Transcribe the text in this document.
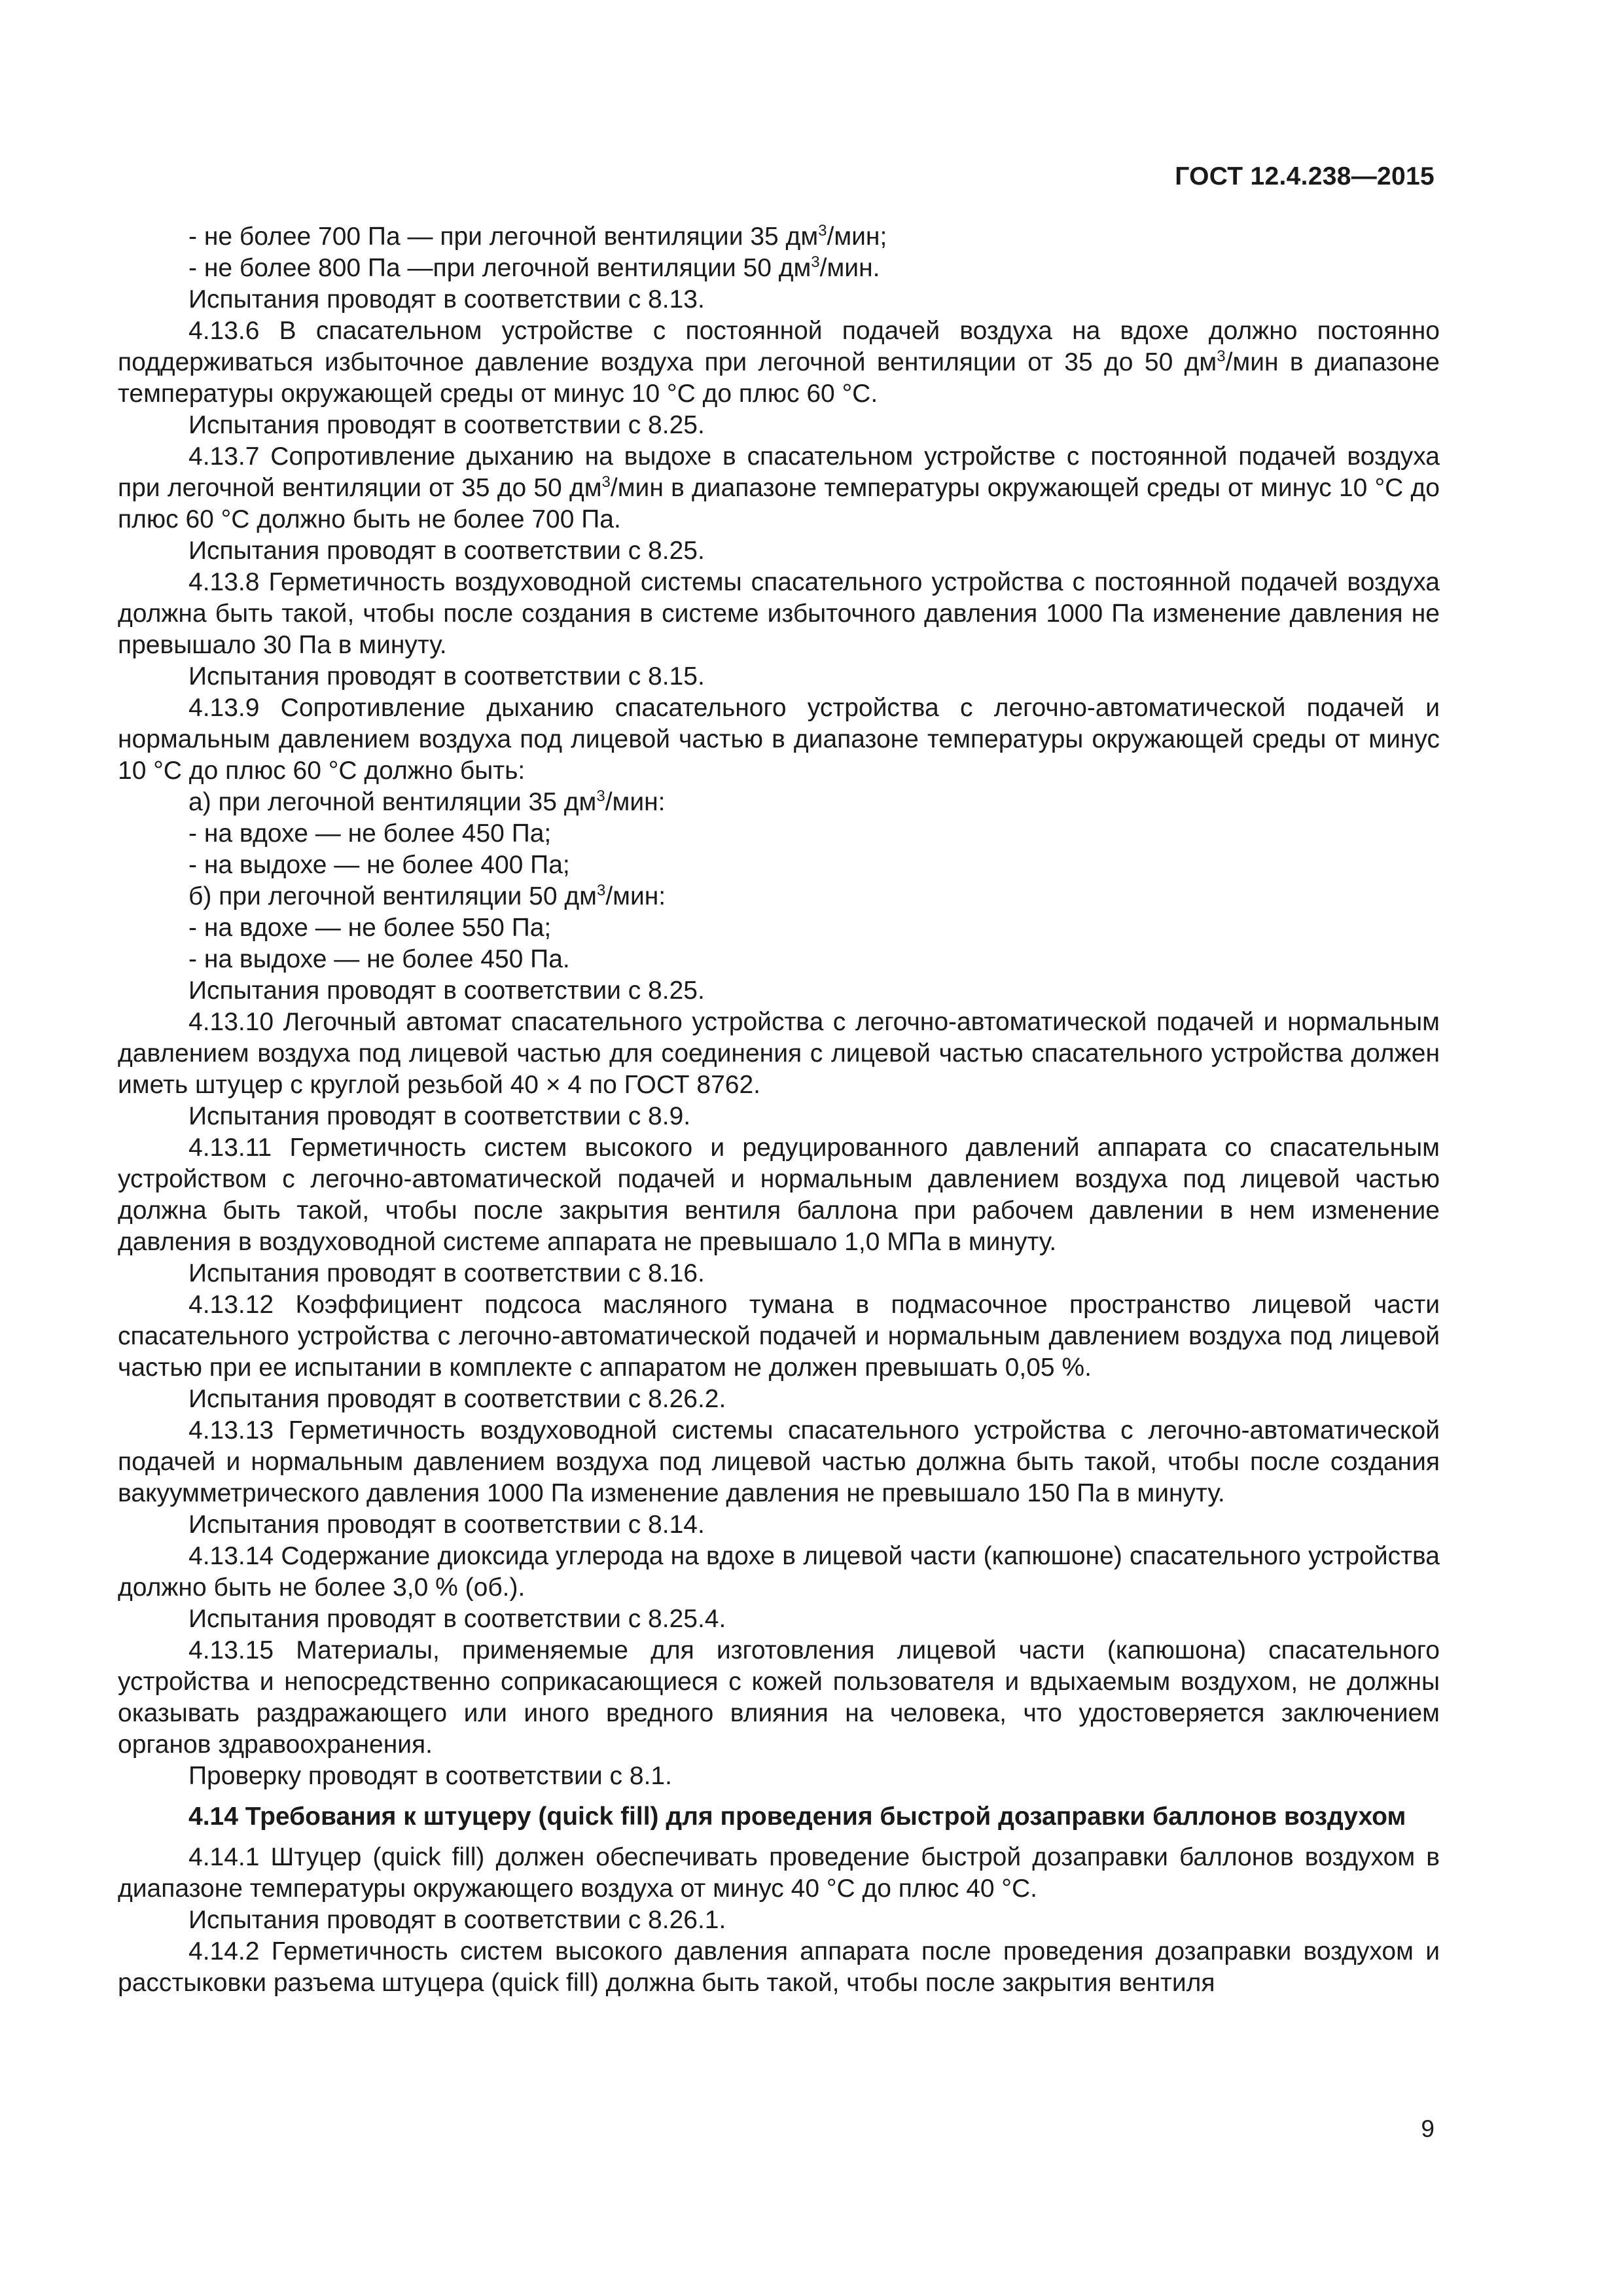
ГОСТ 12.4.238—2015

- не более 700 Па — при легочной вентиляции 35 $дм^3$/мин;

- не более 800 Па —при легочной вентиляции 50 $дм^3$/мин.

Испытания проводят в соответствии с 8.13.

4.13.6 В спасательном устройстве с постоянной подачей воздуха на вдохе должно постоянно поддерживаться избыточное давление воздуха при легочной вентиляции от 35 до 50 $дм^3$/мин в диапазоне температуры окружающей среды от минус 10 °С до плюс 60 °С.

Испытания проводят в соответствии с 8.25.

4.13.7 Сопротивление дыханию на выдохе в спасательном устройстве с постоянной подачей воздуха при легочной вентиляции от 35 до 50 $дм^3$/мин в диапазоне температуры окружающей среды от минус 10 °С до плюс 60 °С должно быть не более 700 Па.

Испытания проводят в соответствии с 8.25.

4.13.8 Герметичность воздуховодной системы спасательного устройства с постоянной подачей воздуха должна быть такой, чтобы после создания в системе избыточного давления 1000 Па изменение давления не превышало 30 Па в минуту.

Испытания проводят в соответствии с 8.15.

4.13.9 Сопротивление дыханию спасательного устройства с легочно-автоматической подачей и нормальным давлением воздуха под лицевой частью в диапазоне температуры окружающей среды от минус 10 °С до плюс 60 °С должно быть:

а) при легочной вентиляции 35 $дм^3$/мин:

- на вдохе — не более 450 Па;

- на выдохе — не более 400 Па;

б) при легочной вентиляции 50 $дм^3$/мин:

- на вдохе — не более 550 Па;

- на выдохе — не более 450 Па.

Испытания проводят в соответствии с 8.25.

4.13.10 Легочный автомат спасательного устройства с легочно-автоматической подачей и нормальным давлением воздуха под лицевой частью для соединения с лицевой частью спасательного устройства должен иметь штуцер с круглой резьбой 40 × 4 по ГОСТ 8762.

Испытания проводят в соответствии с 8.9.

4.13.11 Герметичность систем высокого и редуцированного давлений аппарата со спасательным устройством с легочно-автоматической подачей и нормальным давлением воздуха под лицевой частью должна быть такой, чтобы после закрытия вентиля баллона при рабочем давлении в нем изменение давления в воздуховодной системе аппарата не превышало 1,0 МПа в минуту.

Испытания проводят в соответствии с 8.16.

4.13.12 Коэффициент подсоса масляного тумана в подмасочное пространство лицевой части спасательного устройства с легочно-автоматической подачей и нормальным давлением воздуха под лицевой частью при ее испытании в комплекте с аппаратом не должен превышать 0,05 %.

Испытания проводят в соответствии с 8.26.2.

4.13.13 Герметичность воздуховодной системы спасательного устройства с легочно-автоматической подачей и нормальным давлением воздуха под лицевой частью должна быть такой, чтобы после создания вакуумметрического давления 1000 Па изменение давления не превышало 150 Па в минуту.

Испытания проводят в соответствии с 8.14.

4.13.14 Содержание диоксида углерода на вдохе в лицевой части (капюшоне) спасательного устройства должно быть не более 3,0 % (об.).

Испытания проводят в соответствии с 8.25.4.

4.13.15 Материалы, применяемые для изготовления лицевой части (капюшона) спасательного устройства и непосредственно соприкасающиеся с кожей пользователя и вдыхаемым воздухом, не должны оказывать раздражающего или иного вредного влияния на человека, что удостоверяется заключением органов здравоохранения.

Проверку проводят в соответствии с 8.1.

4.14 Требования к штуцеру (quick fill) для проведения быстрой дозаправки баллонов воздухом

4.14.1 Штуцер (quick fill) должен обеспечивать проведение быстрой дозаправки баллонов воздухом в диапазоне температуры окружающего воздуха от минус 40 °С до плюс 40 °С.

Испытания проводят в соответствии с 8.26.1.

4.14.2 Герметичность систем высокого давления аппарата после проведения дозаправки воздухом и расстыковки разъема штуцера (quick fill) должна быть такой, чтобы после закрытия вентиля

9
